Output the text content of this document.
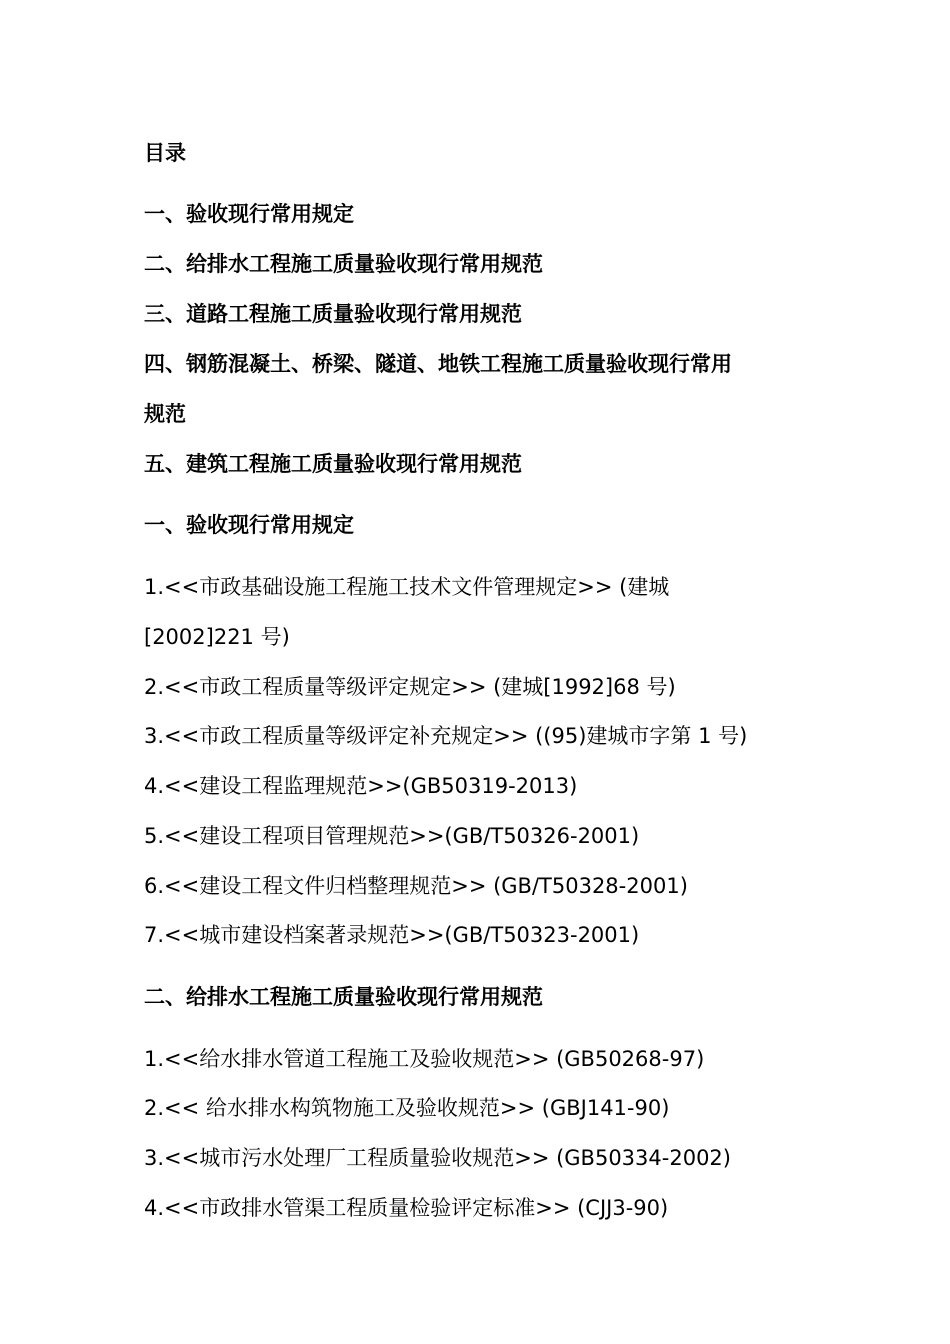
目录
一、验收现行常用规定
二、给排水工程施工质量验收现行常用规范
三、道路工程施工质量验收现行常用规范
四、钢筋混凝土、桥梁、隧道、地铁工程施工质量验收现行常用
规范
五、建筑工程施工质量验收现行常用规范
一、验收现行常用规定
1.<<市政基础设施工程施工技术文件管理规定>> (建城
[2002]221 号)
2.<<市政工程质量等级评定规定>> (建城[1992]68 号)
3.<<市政工程质量等级评定补充规定>> ((95)建城市字第 1 号)
4.<<建设工程监理规范>>(GB50319-2013)
5.<<建设工程项目管理规范>>(GB/T50326-2001)
6.<<建设工程文件归档整理规范>> (GB/T50328-2001)
7.<<城市建设档案著录规范>>(GB/T50323-2001)
二、给排水工程施工质量验收现行常用规范
1.<<给水排水管道工程施工及验收规范>> (GB50268-97)
2.<< 给水排水构筑物施工及验收规范>> (GBJ141-90)
3.<<城市污水处理厂工程质量验收规范>> (GB50334-2002)
4.<<市政排水管渠工程质量检验评定标准>> (CJJ3-90)
